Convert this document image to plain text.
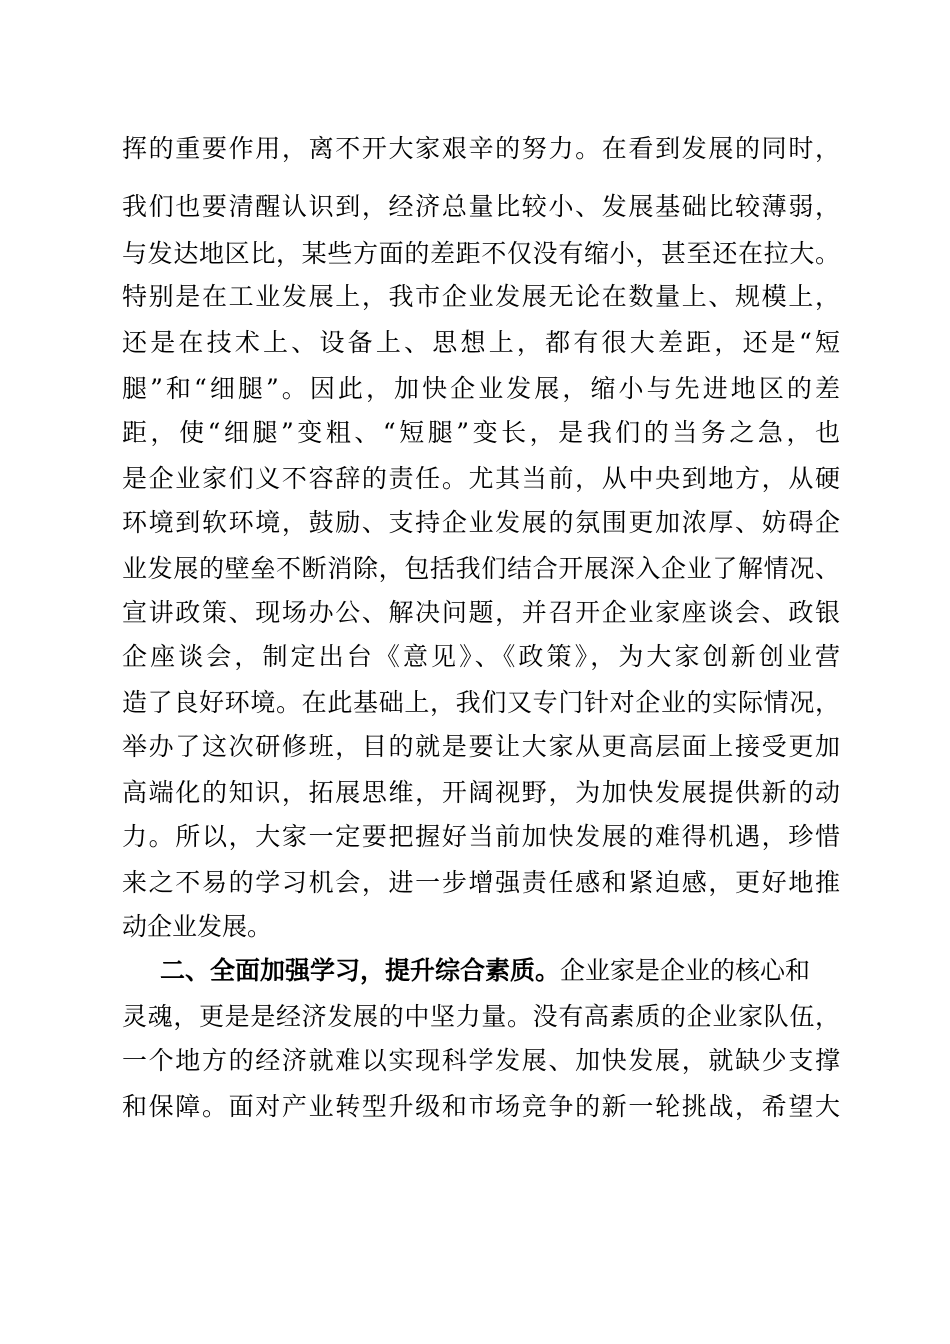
挥的重要作用，离不开大家艰辛的努力。在看到发展的同时，
我们也要清醒认识到，经济总量比较小、发展基础比较薄弱，
与发达地区比，某些方面的差距不仅没有缩小，甚至还在拉大。
特别是在工业发展上，我市企业发展无论在数量上、规模上，
还是在技术上、设备上、思想上，都有很大差距，还是“短
腿”和“细腿”。因此，加快企业发展，缩小与先进地区的差
距，使“细腿”变粗、“短腿”变长，是我们的当务之急，也
是企业家们义不容辞的责任。尤其当前，从中央到地方，从硬
环境到软环境，鼓励、支持企业发展的氛围更加浓厚、妨碍企
业发展的壁垒不断消除，包括我们结合开展深入企业了解情况、
宣讲政策、现场办公、解决问题，并召开企业家座谈会、政银
企座谈会，制定出台《意见》、《政策》，为大家创新创业营
造了良好环境。在此基础上，我们又专门针对企业的实际情况，
举办了这次研修班，目的就是要让大家从更高层面上接受更加
高端化的知识，拓展思维，开阔视野，为加快发展提供新的动
力。所以，大家一定要把握好当前加快发展的难得机遇，珍惜
来之不易的学习机会，进一步增强责任感和紧迫感，更好地推
动企业发展。
二、全面加强学习，提升综合素质。企业家是企业的核心和
灵魂，更是是经济发展的中坚力量。没有高素质的企业家队伍，
一个地方的经济就难以实现科学发展、加快发展，就缺少支撑
和保障。面对产业转型升级和市场竞争的新一轮挑战，希望大
